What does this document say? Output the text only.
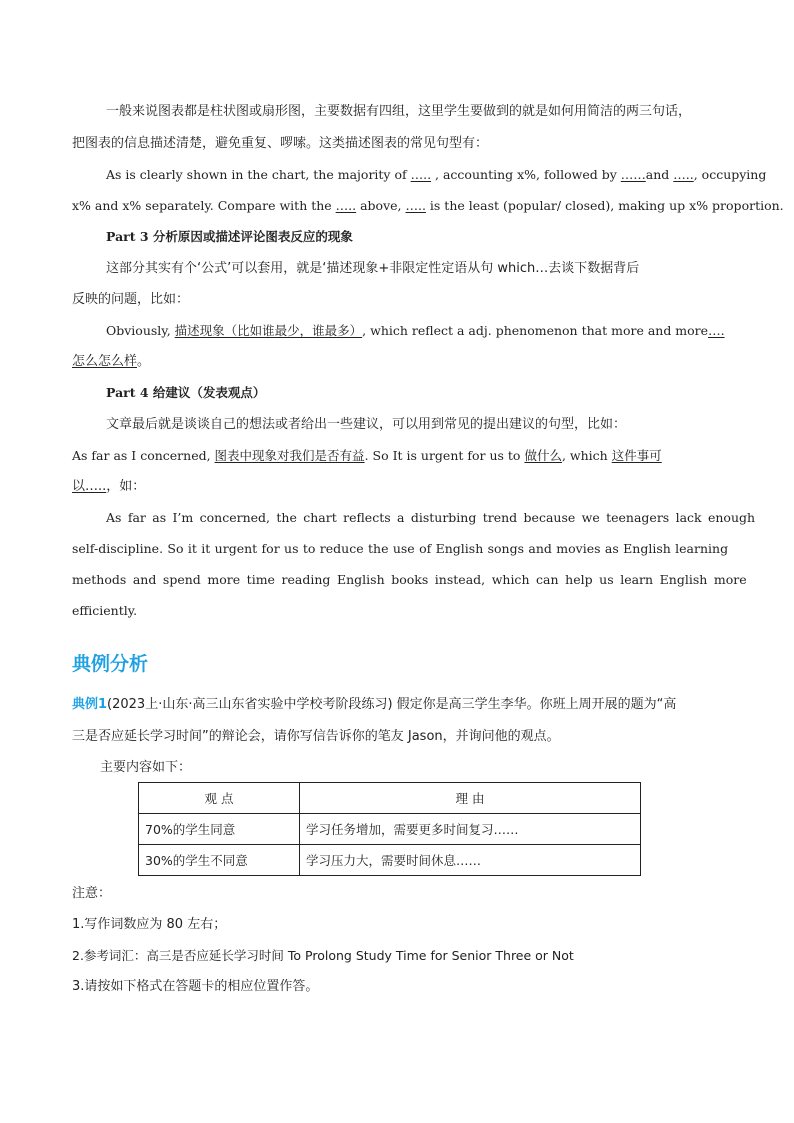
一般来说图表都是柱状图或扇形图，主要数据有四组，这里学生要做到的就是如何用简洁的两三句话，
把图表的信息描述清楚，避免重复、啰嗦。这类描述图表的常见句型有：
As is clearly shown in the chart, the majority of ….. , accounting x%, followed by ……and ….., occupying
x% and x% separately. Compare with the ….. above, ….. is the least (popular/ closed), making up x% proportion.
Part 3 分析原因或描述评论图表反应的现象
这部分其实有个‘公式’可以套用，就是‘描述现象+非限定性定语从句 which…去谈下数据背后
反映的问题，比如：
Obviously, 描述现象（比如谁最少，谁最多）, which reflect a adj. phenomenon that more and more….
怎么怎么样。
Part 4 给建议（发表观点）
文章最后就是谈谈自己的想法或者给出一些建议，可以用到常见的提出建议的句型，比如：
As far as I concerned, 图表中现象对我们是否有益. So It is urgent for us to 做什么, which 这件事可
以…..，如：
As far as I’m concerned, the chart reflects a disturbing trend because we teenagers lack enough
self-discipline. So it it urgent for us to reduce the use of English songs and movies as English learning
methods and spend more time reading English books instead, which can help us learn English more
efficiently.
典例分析
典例1(2023上·山东·高三山东省实验中学校考阶段练习) 假定你是高三学生李华。你班上周开展的题为“高
三是否应延长学习时间”的辩论会，请你写信告诉你的笔友 Jason，并询问他的观点。
主要内容如下：
观 点	理 由
70%的学生同意	学习任务增加，需要更多时间复习……
30%的学生不同意	学习压力大，需要时间休息……
注意：
1.写作词数应为 80 左右；
2.参考词汇：高三是否应延长学习时间 To Prolong Study Time for Senior Three or Not
3.请按如下格式在答题卡的相应位置作答。
